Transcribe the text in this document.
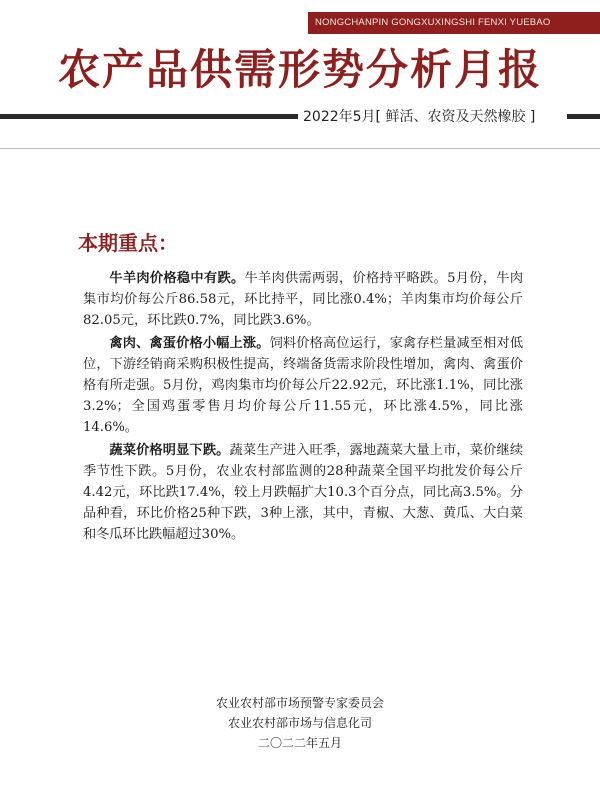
NONGCHANPIN GONGXUXINGSHI FENXI YUEBAO
农产品供需形势分析月报
2022年5月[ 鲜活、农资及天然橡胶 ]
本期重点：

牛羊肉价格稳中有跌。牛羊肉供需两弱，价格持平略跌。5月份，牛肉集市均价每公斤86.58元，环比持平，同比涨0.4%；羊肉集市均价每公斤82.05元，环比跌0.7%，同比跌3.6%。

禽肉、禽蛋价格小幅上涨。饲料价格高位运行，家禽存栏量减至相对低位，下游经销商采购积极性提高，终端备货需求阶段性增加，禽肉、禽蛋价格有所走强。5月份，鸡肉集市均价每公斤22.92元，环比涨1.1%，同比涨3.2%；全国鸡蛋零售月均价每公斤11.55元，环比涨4.5%，同比涨14.6%。

蔬菜价格明显下跌。蔬菜生产进入旺季，露地蔬菜大量上市，菜价继续季节性下跌。5月份，农业农村部监测的28种蔬菜全国平均批发价每公斤4.42元，环比跌17.4%，较上月跌幅扩大10.3个百分点，同比高3.5%。分品种看，环比价格25种下跌，3种上涨，其中，青椒、大葱、黄瓜、大白菜和冬瓜环比跌幅超过30%。

农业农村部市场预警专家委员会
农业农村部市场与信息化司
二〇二二年五月
